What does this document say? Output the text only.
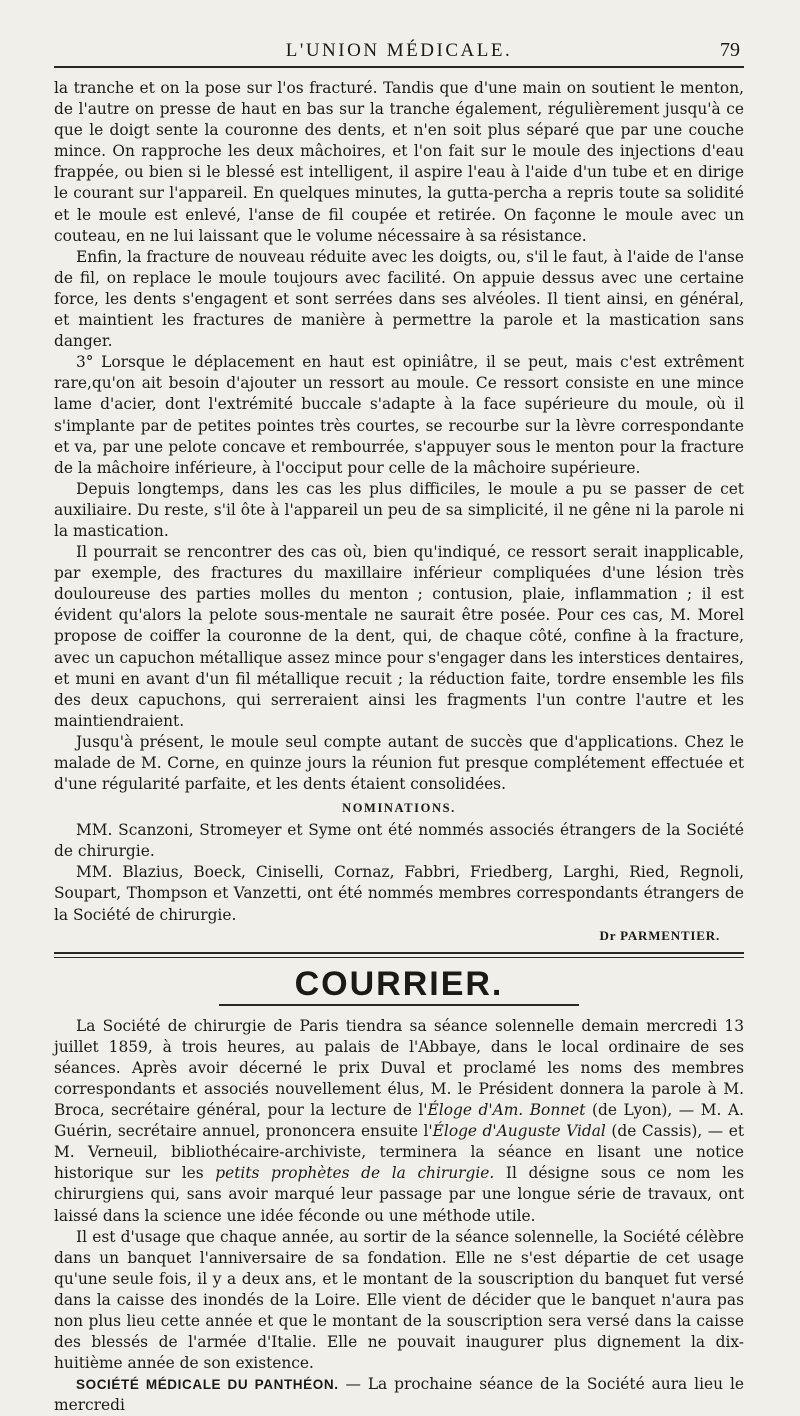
L'UNION MÉDICALE.	79

la tranche et on la pose sur l'os fracturé. Tandis que d'une main on soutient le menton, de l'autre on presse de haut en bas sur la tranche également, régulièrement jusqu'à ce que le doigt sente la couronne des dents, et n'en soit plus séparé que par une couche mince. On rapproche les deux mâchoires, et l'on fait sur le moule des injections d'eau frappée, ou bien si le blessé est intelligent, il aspire l'eau à l'aide d'un tube et en dirige le courant sur l'appareil. En quelques minutes, la gutta-percha a repris toute sa solidité et le moule est enlevé, l'anse de fil coupée et retirée. On façonne le moule avec un couteau, en ne lui laissant que le volume nécessaire à sa résistance.

Enfin, la fracture de nouveau réduite avec les doigts, ou, s'il le faut, à l'aide de l'anse de fil, on replace le moule toujours avec facilité. On appuie dessus avec une certaine force, les dents s'engagent et sont serrées dans ses alvéoles. Il tient ainsi, en général, et maintient les fractures de manière à permettre la parole et la mastication sans danger.

3° Lorsque le déplacement en haut est opiniâtre, il se peut, mais c'est extrêment rare,qu'on ait besoin d'ajouter un ressort au moule. Ce ressort consiste en une mince lame d'acier, dont l'extrémité buccale s'adapte à la face supérieure du moule, où il s'implante par de petites pointes très courtes, se recourbe sur la lèvre correspondante et va, par une pelote concave et rembourrée, s'appuyer sous le menton pour la fracture de la mâchoire inférieure, à l'occiput pour celle de la mâchoire supérieure.

Depuis longtemps, dans les cas les plus difficiles, le moule a pu se passer de cet auxiliaire. Du reste, s'il ôte à l'appareil un peu de sa simplicité, il ne gêne ni la parole ni la mastication.

Il pourrait se rencontrer des cas où, bien qu'indiqué, ce ressort serait inapplicable, par exemple, des fractures du maxillaire inférieur compliquées d'une lésion très douloureuse des parties molles du menton ; contusion, plaie, inflammation ; il est évident qu'alors la pelote sous-mentale ne saurait être posée. Pour ces cas, M. Morel propose de coiffer la couronne de la dent, qui, de chaque côté, confine à la fracture, avec un capuchon métallique assez mince pour s'engager dans les interstices dentaires, et muni en avant d'un fil métallique recuit ; la réduction faite, tordre ensemble les fils des deux capuchons, qui serreraient ainsi les fragments l'un contre l'autre et les maintiendraient.

Jusqu'à présent, le moule seul compte autant de succès que d'applications. Chez le malade de M. Corne, en quinze jours la réunion fut presque complétement effectuée et d'une régularité parfaite, et les dents étaient consolidées.

NOMINATIONS.

MM. Scanzoni, Stromeyer et Syme ont été nommés associés étrangers de la Société de chirurgie.

MM. Blazius, Boeck, Ciniselli, Cornaz, Fabbri, Friedberg, Larghi, Ried, Regnoli, Soupart, Thompson et Vanzetti, ont été nommés membres correspondants étrangers de la Société de chirurgie.

Dr PARMENTIER.
COURRIER.

La Société de chirurgie de Paris tiendra sa séance solennelle demain mercredi 13 juillet 1859, à trois heures, au palais de l'Abbaye, dans le local ordinaire de ses séances. Après avoir décerné le prix Duval et proclamé les noms des membres correspondants et associés nouvellement élus, M. le Président donnera la parole à M. Broca, secrétaire général, pour la lecture de l'Éloge d'Am. Bonnet (de Lyon), — M. A. Guérin, secrétaire annuel, prononcera ensuite l'Éloge d'Auguste Vidal (de Cassis), — et M. Verneuil, bibliothécaire-archiviste, terminera la séance en lisant une notice historique sur les petits prophètes de la chirurgie. Il désigne sous ce nom les chirurgiens qui, sans avoir marqué leur passage par une longue série de travaux, ont laissé dans la science une idée féconde ou une méthode utile.

Il est d'usage que chaque année, au sortir de la séance solennelle, la Société célèbre dans un banquet l'anniversaire de sa fondation. Elle ne s'est départie de cet usage qu'une seule fois, il y a deux ans, et le montant de la souscription du banquet fut versé dans la caisse des inondés de la Loire. Elle vient de décider que le banquet n'aura pas non plus lieu cette année et que le montant de la souscription sera versé dans la caisse des blessés de l'armée d'Italie. Elle ne pouvait inaugurer plus dignement la dix-huitième année de son existence.

SOCIÉTÉ MÉDICALE DU PANTHÉON. — La prochaine séance de la Société aura lieu le mercredi
